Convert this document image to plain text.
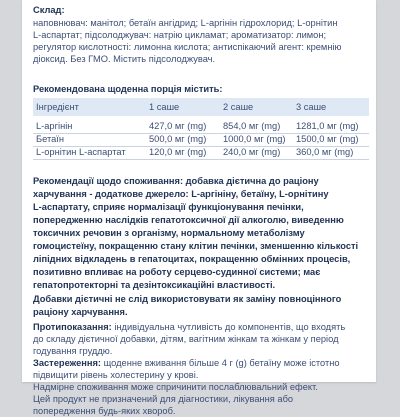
Склад:
наповнювач: манітол; бетаїн ангідрид; L-аргінін гідрохлорид; L-орнітин
L-аспартат; підсолоджувач: натрію цикламат; ароматизатор: лимон;
регулятор кислотності: лимонна кислота; антиспікаючий агент: кремнію
діоксид. Без ГМО. Містить підсолоджувач.
Рекомендована щоденна порція містить:
Інгредієнт	1 саше	2 саше	3 саше
L-аргінін	427,0 мг (mg) 854,0 мг (mg) 1281,0 мг (mg)
Бетаїн	500,0 мг (mg) 1000,0 мг (mg) 1500,0 мг (mg)
L-орнітин L-аспартат	120,0 мг (mg) 240,0 мг (mg) 360,0 мг (mg)
Рекомендації щодо споживання: добавка дієтична до раціону
харчування - додаткове джерело: L-аргініну, бетаїну, L-орнітину
L-аспартату, сприяє нормалізації функціонування печінки,
попередженню наслідків гепатотоксичної дії алкоголю, виведенню
токсичних речовин з організму, нормальному метаболізму
гомоцистеїну, покращенню стану клітин печінки, зменшенню кількості
ліпідних відкладень в гепатоцитах, покращенню обмінних процесів,
позитивно впливає на роботу серцево-судинної системи; має
гепатопротекторні та дезінтоксикаційні властивості.
Добавки дієтичні не слід використовувати як заміну повноцінного
раціону харчування.
Протипоказання: індивідуальна чутливість до компонентів, що входять
до складу дієтичної добавки, дітям, вагітним жінкам та жінкам у період
годування груддю.
Застереження: щоденне вживання більше 4 г (g) бетаїну може істотно
підвищити рівень холестерину у крові.
Надмірне споживання може спричинити послаблювальний ефект.
Цей продукт не призначений для діагностики, лікування або
попередження будь-яких хвороб.
